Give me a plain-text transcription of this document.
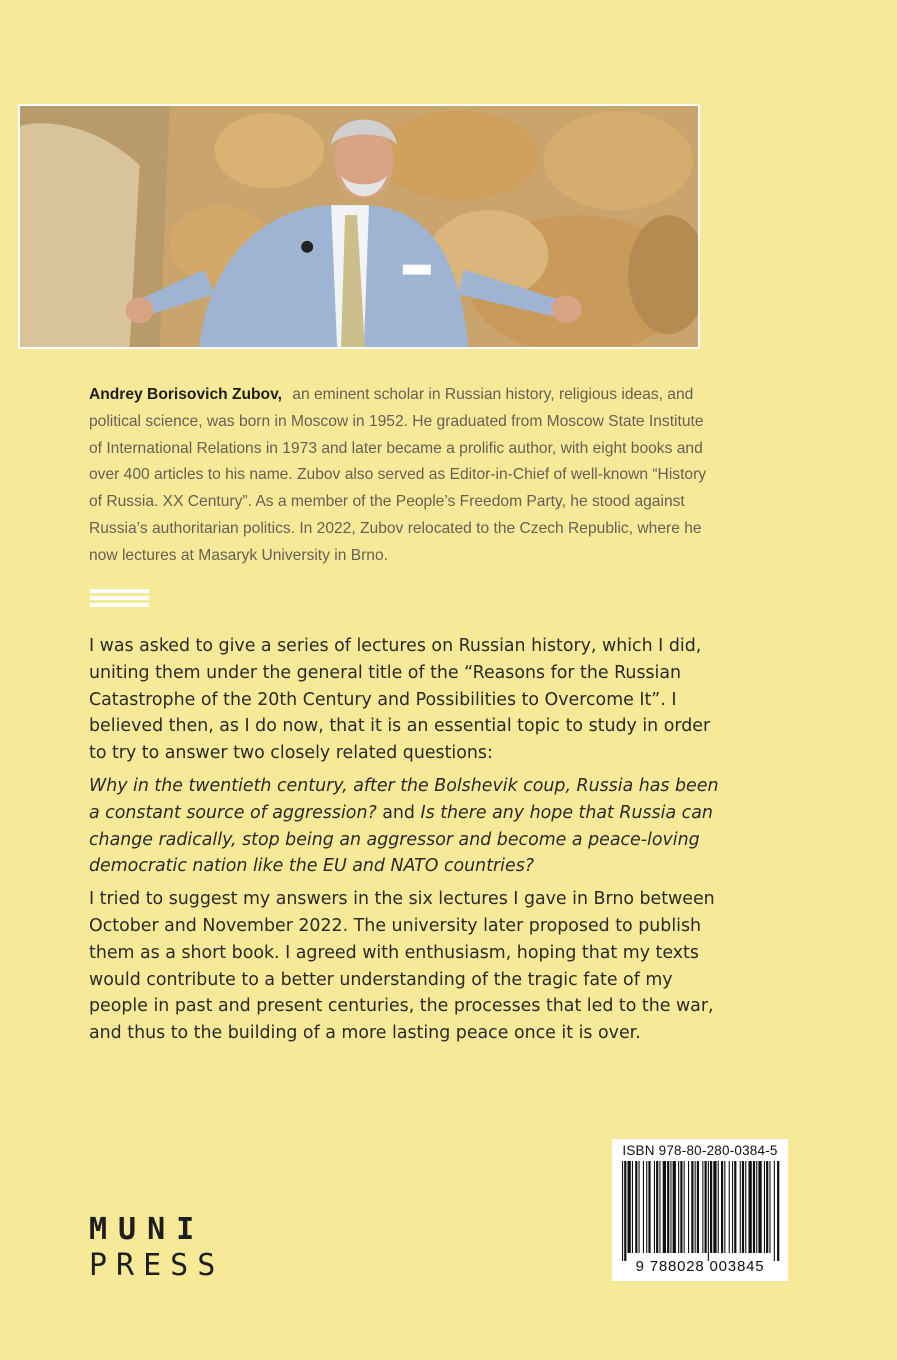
Andrey Borisovich Zubov, an eminent scholar in Russian history, religious ideas, and political science, was born in Moscow in 1952. He graduated from Moscow State Institute of International Relations in 1973 and later became a prolific author, with eight books and over 400 articles to his name. Zubov also served as Editor-in-Chief of well-known “History of Russia. XX Century”. As a member of the People’s Freedom Party, he stood against Russia’s authoritarian politics. In 2022, Zubov relocated to the Czech Republic, where he now lectures at Masaryk University in Brno.

I was asked to give a series of lectures on Russian history, which I did, uniting them under the general title of the “Reasons for the Russian Catastrophe of the 20th Century and Possibilities to Overcome It”. I believed then, as I do now, that it is an essential topic to study in order to try to answer two closely related questions:

Why in the twentieth century, after the Bolshevik coup, Russia has been a constant source of aggression? and Is there any hope that Russia can change radically, stop being an aggressor and become a peace-loving democratic nation like the EU and NATO countries?

I tried to suggest my answers in the six lectures I gave in Brno between October and November 2022. The university later proposed to publish them as a short book. I agreed with enthusiasm, hoping that my texts would contribute to a better understanding of the tragic fate of my people in past and present centuries, the processes that led to the war, and thus to the building of a more lasting peace once it is over.

MUNI
PRESS
ISBN 978-80-280-0384-5
9 788028 003845
